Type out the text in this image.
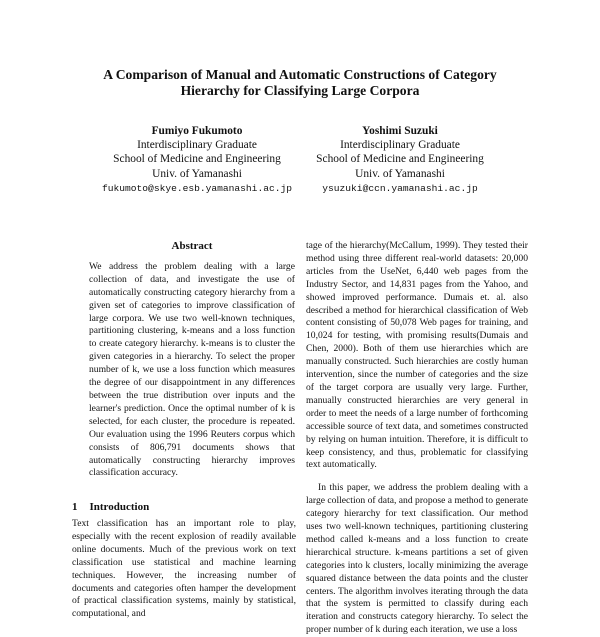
A Comparison of Manual and Automatic Constructions of Category
Hierarchy for Classifying Large Corpora
Fumiyo Fukumoto
Interdisciplinary Graduate
School of Medicine and Engineering
Univ. of Yamanashi
fukumoto@skye.esb.yamanashi.ac.jp
Yoshimi Suzuki
Interdisciplinary Graduate
School of Medicine and Engineering
Univ. of Yamanashi
ysuzuki@ccn.yamanashi.ac.jp
Abstract

We address the problem dealing with a large collection of data, and investigate the use of automatically constructing category hierarchy from a given set of categories to improve classification of large corpora. We use two well-known techniques, partitioning clustering, k-means and a loss function to create category hierarchy. k-means is to cluster the given categories in a hierarchy. To select the proper number of k, we use a loss function which measures the degree of our disappointment in any differences between the true distribution over inputs and the learner's prediction. Once the optimal number of k is selected, for each cluster, the procedure is repeated. Our evaluation using the 1996 Reuters corpus which consists of 806,791 documents shows that automatically constructing hierarchy improves classification accuracy.

1 Introduction

Text classification has an important role to play, especially with the recent explosion of readily available online documents. Much of the previous work on text classification use statistical and machine learning techniques. However, the increasing number of documents and categories often hamper the development of practical classification systems, mainly by statistical, computational, and

tage of the hierarchy(McCallum, 1999). They tested their method using three different real-world datasets: 20,000 articles from the UseNet, 6,440 web pages from the Industry Sector, and 14,831 pages from the Yahoo, and showed improved performance. Dumais et. al. also described a method for hierarchical classification of Web content consisting of 50,078 Web pages for training, and 10,024 for testing, with promising results(Dumais and Chen, 2000). Both of them use hierarchies which are manually constructed. Such hierarchies are costly human intervention, since the number of categories and the size of the target corpora are usually very large. Further, manually constructed hierarchies are very general in order to meet the needs of a large number of forthcoming accessible source of text data, and sometimes constructed by relying on human intuition. Therefore, it is difficult to keep consistency, and thus, problematic for classifying text automatically.

In this paper, we address the problem dealing with a large collection of data, and propose a method to generate category hierarchy for text classification. Our method uses two well-known techniques, partitioning clustering method called k-means and a loss function to create hierarchical structure. k-means partitions a set of given categories into k clusters, locally minimizing the average squared distance between the data points and the cluster centers. The algorithm involves iterating through the data that the system is permitted to classify during each iteration and constructs category hierarchy. To select the proper number of k during each iteration, we use a loss
